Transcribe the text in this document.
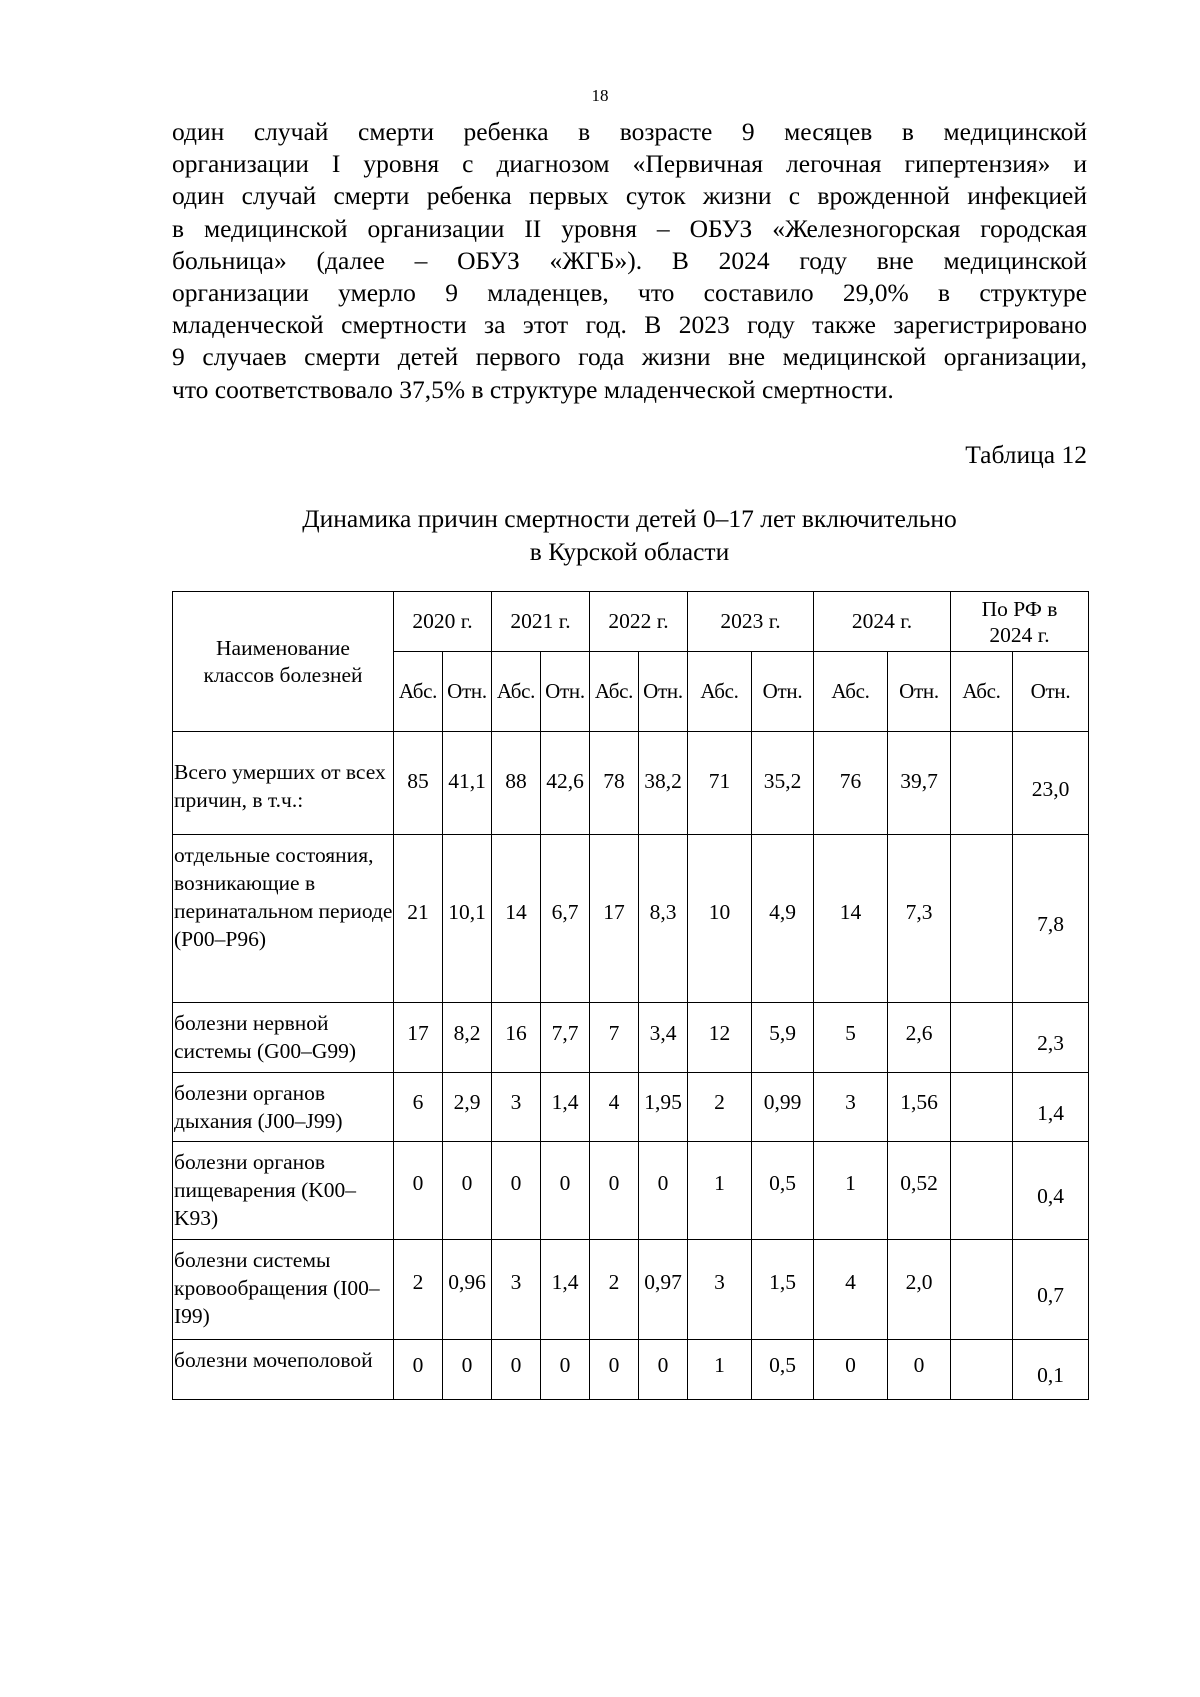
18
один случай смерти ребенка в возрасте 9 месяцев в медицинской
организации I уровня с диагнозом «Первичная легочная гипертензия» и
один случай смерти ребенка первых суток жизни с врожденной инфекцией
в медицинской организации II уровня – ОБУЗ «Железногорская городская
больница» (далее – ОБУЗ «ЖГБ»). В 2024 году вне медицинской
организации умерло 9 младенцев, что составило 29,0% в структуре
младенческой смертности за этот год. В 2023 году также зарегистрировано
9 случаев смерти детей первого года жизни вне медицинской организации,
что соответствовало 37,5% в структуре младенческой смертности.
Таблица 12
Динамика причин смертности детей 0–17 лет включительно
в Курской области
Наименование классов болезней	2020 г.		2021 г.		2022 г.		2023 г.		2024 г.		По РФ в 2024 г.	
	Абс.	Отн.	Абс.	Отн.	Абс.	Отн.	Абс.	Отн.	Абс.	Отн.	Абс.	Отн.
Всего умерших от всех причин, в т.ч.:	85	41,1	88	42,6	78	38,2	71	35,2	76	39,7		23,0
отдельные состояния, возникающие в перинатальном периоде (P00–P96)	21	10,1	14	6,7	17	8,3	10	4,9	14	7,3		7,8
болезни нервной системы (G00–G99)	17	8,2	16	7,7	7	3,4	12	5,9	5	2,6		2,3
болезни органов дыхания (J00–J99)	6	2,9	3	1,4	4	1,95	2	0,99	3	1,56		1,4
болезни органов пищеварения (K00–K93)	0	0	0	0	0	0	1	0,5	1	0,52		0,4
болезни системы кровообращения (I00–I99)	2	0,96	3	1,4	2	0,97	3	1,5	4	2,0		0,7
болезни мочеполовой	0	0	0	0	0	0	1	0,5	0	0		0,1
